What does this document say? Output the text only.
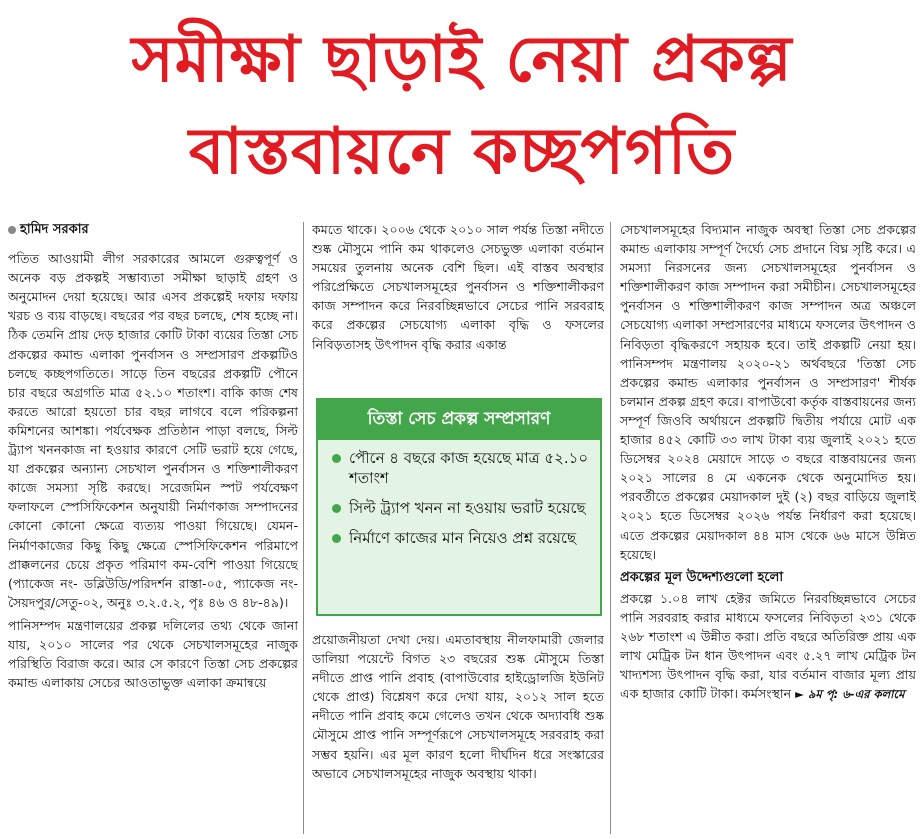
সমীক্ষা ছাড়াই নেয়া প্রকল্প
বাস্তবায়নে কচ্ছপগতি
হামিদ সরকার

পতিত আওয়ামী লীগ সরকারের আমলে গুরুত্বপূর্ণ ও অনেক বড় প্রকল্পই সম্ভাব্যতা সমীক্ষা ছাড়াই গ্রহণ ও অনুমোদন দেয়া হয়েছে। আর এসব প্রকল্পেই দফায় দফায় খরচ ও ব্যয় বাড়ছে। বছরের পর বছর চলছে, শেষ হচ্ছে না। ঠিক তেমনি প্রায় দেড় হাজার কোটি টাকা ব্যয়ের তিস্তা সেচ প্রকল্পের কমান্ড এলাকা পুনর্বাসন ও সম্প্রসারণ প্রকল্পটিও চলছে কচ্ছপগতিতে। সাড়ে তিন বছরের প্রকল্পটি পৌনে চার বছরে অগ্রগতি মাত্র ৫২.১০ শতাংশ। বাকি কাজ শেষ করতে আরো হয়তো চার বছর লাগবে বলে পরিকল্পনা কমিশনের আশঙ্কা। পর্যবেক্ষক প্রতিষ্ঠান পাড়া বলছে, সিল্ট ট্র্যাপ খননকাজ না হওয়ার কারণে সেটি ভরাট হয়ে গেছে, যা প্রকল্পের অন্যান্য সেচখাল পুনর্বাসন ও শক্তিশালীকরণ কাজে সমস্যা সৃষ্টি করছে। সরেজমিন স্পট পর্যবেক্ষণ ফলাফলে স্পেসিফিকেশন অনুযায়ী নির্মাণকাজ সম্পাদনের কোনো কোনো ক্ষেত্রে ব্যত্যয় পাওয়া গিয়েছে। যেমন- নির্মাণকাজের কিছু কিছু ক্ষেত্রে স্পেসিফিকেশন পরিমাপে প্রাক্কলনের চেয়ে প্রকৃত পরিমাণ কম-বেশি পাওয়া গিয়েছে (প্যাকেজ নং- ডব্লিউডি/পরিদর্শন রাস্তা-০৫, প্যাকেজ নং- সৈয়দপুর/সেতু-০২, অনুঃ ৩.২.৫.২, পৃঃ ৪৬ ও ৪৮-৪৯)।

পানিসম্পদ মন্ত্রণালয়ের প্রকল্প দলিলের তথ্য থেকে জানা যায়, ২০১০ সালের পর থেকে সেচখালসমূহের নাজুক পরিস্থিতি বিরাজ করে। আর সে কারণে তিস্তা সেচ প্রকল্পের কমান্ড এলাকায় সেচের আওতাভুক্ত এলাকা ক্রমান্বয়ে

কমতে থাকে। ২০০৬ থেকে ২০১০ সাল পর্যন্ত তিস্তা নদীতে শুষ্ক মৌসুমে পানি কম থাকলেও সেচভুক্ত এলাকা বর্তমান সময়ের তুলনায় অনেক বেশি ছিল। এই বাস্তব অবস্থার পরিপ্রেক্ষিতে সেচখালসমূহের পুনর্বাসন ও শক্তিশালীকরণ কাজ সম্পাদন করে নিরবচ্ছিন্নভাবে সেচের পানি সরবরাহ করে প্রকল্পের সেচযোগ্য এলাকা বৃদ্ধি ও ফসলের নিবিড়তাসহ উৎপাদন বৃদ্ধি করার একান্ত
প্রয়োজনীয়তা দেখা দেয়। এমতাবস্থায় নীলফামারী জেলার ডালিয়া পয়েন্টে বিগত ২৩ বছরের শুষ্ক মৌসুমে তিস্তা নদীতে প্রাপ্ত পানি প্রবাহ (বাপাউবোর হাইড্রোলজি ইউনিট থেকে প্রাপ্ত) বিশ্লেষণ করে দেখা যায়, ২০১২ সাল হতে নদীতে পানি প্রবাহ কমে গেলেও তখন থেকে অদ্যাবধি শুষ্ক মৌসুমে প্রাপ্ত পানি সম্পূর্ণরূপে সেচখালসমূহে সরবরাহ করা সম্ভব হয়নি। এর মূল কারণ হলো দীর্ঘদিন ধরে সংস্কারের অভাবে সেচখালসমূহের নাজুক অবস্থায় থাকা।
তিস্তা সেচ প্রকল্প সম্প্রসারণ
পৌনে ৪ বছরে কাজ হয়েছে মাত্র ৫২.১০ শতাংশ
সিল্ট ট্র্যাপ খনন না হওয়ায় ভরাট হয়েছে
নির্মাণে কাজের মান নিয়েও প্রশ্ন রয়েছে

সেচখালসমূহের বিদ্যমান নাজুক অবস্থা তিস্তা সেচ প্রকল্পের কমান্ড এলাকায় সম্পূর্ণ দৈর্ঘ্যে সেচ প্রদানে বিঘ্ন সৃষ্টি করে। এ সমস্যা নিরসনের জন্য সেচখালসমূহের পুনর্বাসন ও শক্তিশালীকরণ কাজ সম্পাদন করা সমীচীন। সেচখালসমূহের পুনর্বাসন ও শক্তিশালীকরণ কাজ সম্পাদন অত্র অঞ্চলে সেচযোগ্য এলাকা সম্প্রসারণের মাধ্যমে ফসলের উৎপাদন ও নিবিড়তা বৃদ্ধিকরণে সহায়ক হবে। তাই প্রকল্পটি নেয়া হয়। পানিসম্পদ মন্ত্রণালয় ২০২০-২১ অর্থবছরে 'তিস্তা সেচ প্রকল্পের কমান্ড এলাকার পুনর্বাসন ও সম্প্রসারণ' শীর্ষক চলমান প্রকল্প গ্রহণ করে। বাপাউবো কর্তৃক বাস্তবায়নের জন্য সম্পূর্ণ জিওবি অর্থায়নে প্রকল্পটি দ্বিতীয় পর্যায়ে মোট এক হাজার ৪৫২ কোটি ৩৩ লাখ টাকা ব্যয় জুলাই ২০২১ হতে ডিসেম্বর ২০২৪ মেয়াদে সাড়ে ৩ বছরে বাস্তবায়নের জন্য ২০২১ সালের ৪ মে একনেক থেকে অনুমোদিত হয়। পরবর্তীতে প্রকল্পের মেয়াদকাল দুই (২) বছর বাড়িয়ে জুলাই ২০২১ হতে ডিসেম্বর ২০২৬ পর্যন্ত নির্ধারণ করা হয়েছে। এতে প্রকল্পের মেয়াদকাল ৪৪ মাস থেকে ৬৬ মাসে উন্নিত হয়েছে।

প্রকল্পের মূল উদ্দেশ্যগুলো হলো

প্রকল্পে ১.০৪ লাখ হেক্টর জমিতে নিরবচ্ছিন্নভাবে সেচের পানি সরবরাহ করার মাধ্যমে ফসলের নিবিড়তা ২৩১ থেকে ২৬৮ শতাংশ এ উন্নীত করা। প্রতি বছরে অতিরিক্ত প্রায় এক লাখ মেট্রিক টন ধান উৎপাদন এবং ৫.২৭ লাখ মেট্রিক টন খাদ্যশস্য উৎপাদন বৃদ্ধি করা, যার বর্তমান বাজার মূল্য প্রায় এক হাজার কোটি টাকা। কর্মসংস্থান ► ৯ম পৃ: ৬-এর কলামে
